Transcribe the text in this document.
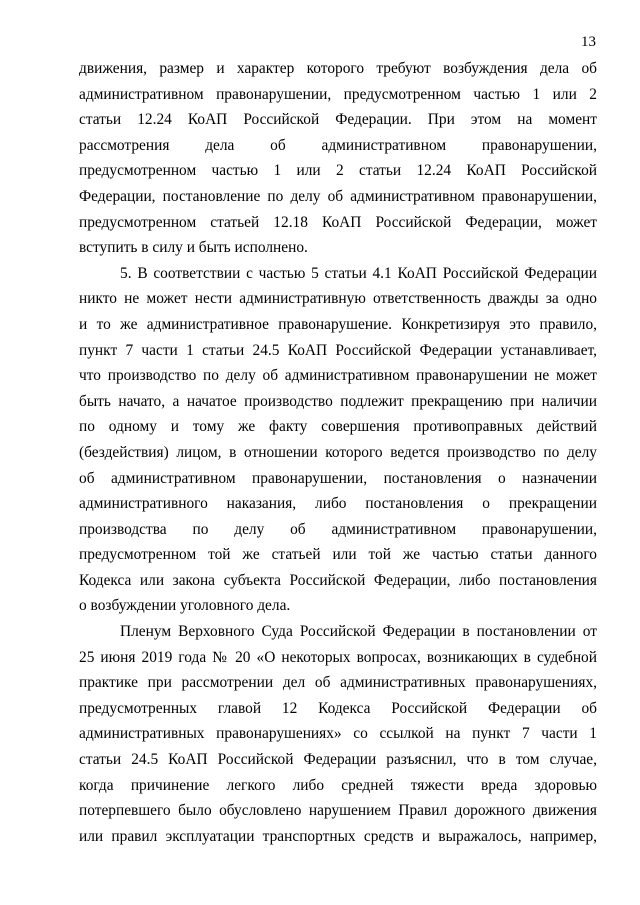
13
движения, размер и характер которого требуют возбуждения дела об
административном правонарушении, предусмотренном частью 1 или 2
статьи 12.24 КоАП Российской Федерации. При этом на момент
рассмотрения дела об административном правонарушении,
предусмотренном частью 1 или 2 статьи 12.24 КоАП Российской
Федерации, постановление по делу об административном правонарушении,
предусмотренном статьей 12.18 КоАП Российской Федерации, может
вступить в силу и быть исполнено.
5. В соответствии с частью 5 статьи 4.1 КоАП Российской Федерации
никто не может нести административную ответственность дважды за одно
и то же административное правонарушение. Конкретизируя это правило,
пункт 7 части 1 статьи 24.5 КоАП Российской Федерации устанавливает,
что производство по делу об административном правонарушении не может
быть начато, а начатое производство подлежит прекращению при наличии
по одному и тому же факту совершения противоправных действий
(бездействия) лицом, в отношении которого ведется производство по делу
об административном правонарушении, постановления о назначении
административного наказания, либо постановления о прекращении
производства по делу об административном правонарушении,
предусмотренном той же статьей или той же частью статьи данного
Кодекса или закона субъекта Российской Федерации, либо постановления
о возбуждении уголовного дела.
Пленум Верховного Суда Российской Федерации в постановлении от
25 июня 2019 года № 20 «О некоторых вопросах, возникающих в судебной
практике при рассмотрении дел об административных правонарушениях,
предусмотренных главой 12 Кодекса Российской Федерации об
административных правонарушениях» со ссылкой на пункт 7 части 1
статьи 24.5 КоАП Российской Федерации разъяснил, что в том случае,
когда причинение легкого либо средней тяжести вреда здоровью
потерпевшего было обусловлено нарушением Правил дорожного движения
или правил эксплуатации транспортных средств и выражалось, например,
